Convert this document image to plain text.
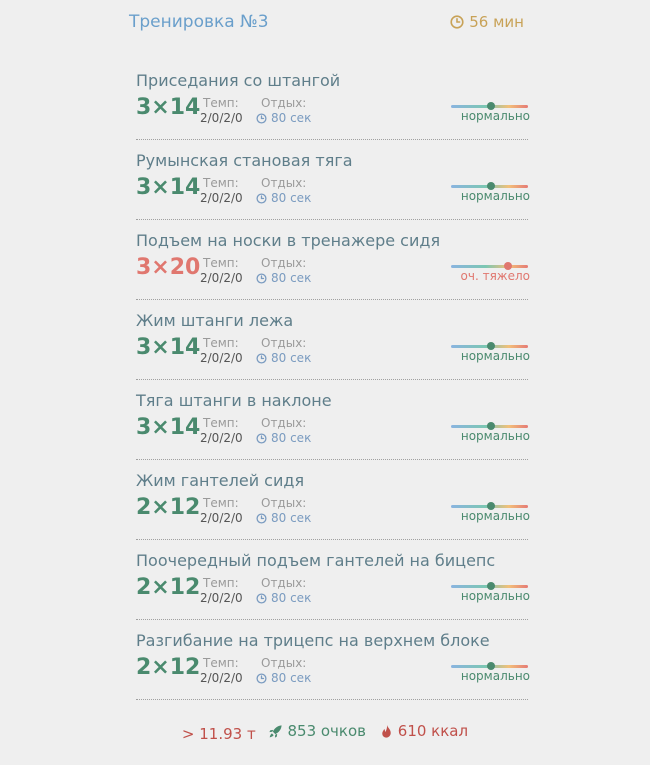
Тренировка №3	56 мин
Приседания со штангой
3×14 Темп:
2/0/2/0
Отдых:
80 сек	нормально
Румынская становая тяга
3×14 Темп:
2/0/2/0
Отдых:
80 сек	нормально
Подъем на носки в тренажере сидя
3×20 Темп:
2/0/2/0
Отдых:
80 сек	оч. тяжело
Жим штанги лежа
3×14 Темп:
2/0/2/0
Отдых:
80 сек	нормально
Тяга штанги в наклоне
3×14 Темп:
2/0/2/0
Отдых:
80 сек	нормально
Жим гантелей сидя
2×12 Темп:
2/0/2/0
Отдых:
80 сек	нормально
Поочередный подъем гантелей на бицепс
2×12 Темп:
2/0/2/0
Отдых:
80 сек	нормально
Разгибание на трицепс на верхнем блоке
2×12 Темп:
2/0/2/0
Отдых:
80 сек	нормально
> 11.93 т
853 очков
610 ккал
